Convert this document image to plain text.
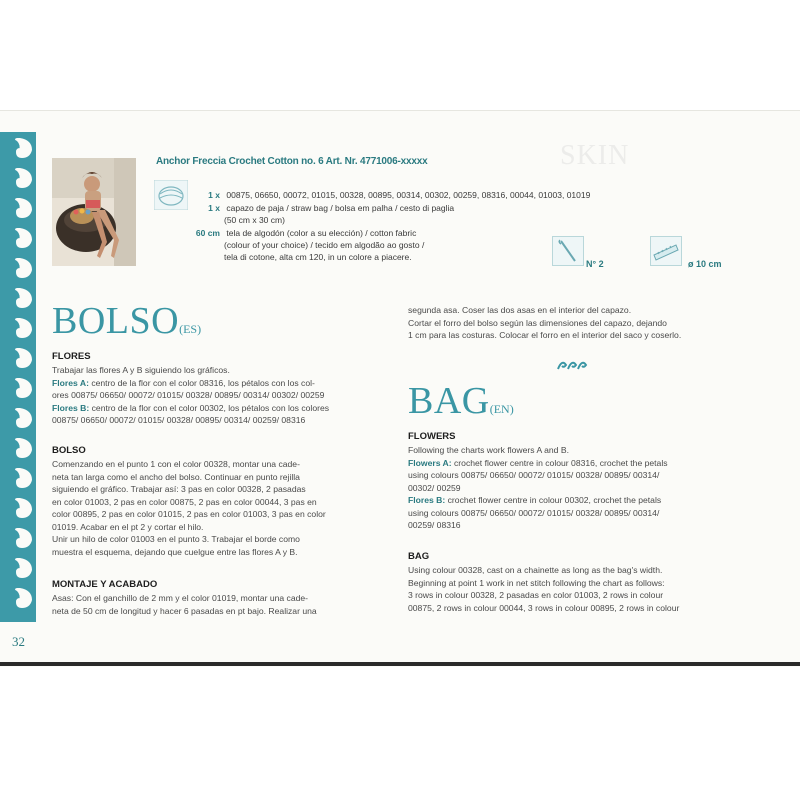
32
SKIN
Anchor Freccia Crochet Cotton no. 6 Art. Nr. 4771006-xxxxx
1 x 00875, 06650, 00072, 01015, 00328, 00895, 00314, 00302, 00259, 08316, 00044, 01003, 01019
1 x capazo de paja / straw bag / bolsa em palha / cesto di paglia
(50 cm x 30 cm)
60 cm tela de algodón (color a su elección) / cotton fabric
(colour of your choice) / tecido em algodão ao gosto /
tela di cotone, alta cm 120, in un colore a piacere.
N° 2	ø 10 cm
BOLSO(ES)
FLORES
Trabajar las flores A y B siguiendo los gráficos.
Flores A: centro de la flor con el color 08316, los pétalos con los col-
ores 00875/ 06650/ 00072/ 01015/ 00328/ 00895/ 00314/ 00302/ 00259
Flores B: centro de la flor con el color 00302, los pétalos con los colores
00875/ 06650/ 00072/ 01015/ 00328/ 00895/ 00314/ 00259/ 08316
BOLSO
Comenzando en el punto 1 con el color 00328, montar una cade-
neta tan larga como el ancho del bolso. Continuar en punto rejilla
siguiendo el gráfico. Trabajar así: 3 pas en color 00328, 2 pasadas
en color 01003, 2 pas en color 00875, 2 pas en color 00044, 3 pas en
color 00895, 2 pas en color 01015, 2 pas en color 01003, 3 pas en color
01019. Acabar en el pt 2 y cortar el hilo.
Unir un hilo de color 01003 en el punto 3. Trabajar el borde como
muestra el esquema, dejando que cuelgue entre las flores A y B.
MONTAJE Y ACABADO
Asas: Con el ganchillo de 2 mm y el color 01019, montar una cade-
neta de 50 cm de longitud y hacer 6 pasadas en pt bajo. Realizar una
segunda asa. Coser las dos asas en el interior del capazo.
Cortar el forro del bolso según las dimensiones del capazo, dejando
1 cm para las costuras. Colocar el forro en el interior del saco y coserlo.
BAG(EN)
FLOWERS
Following the charts work flowers A and B.
Flowers A: crochet flower centre in colour 08316, crochet the petals
using colours 00875/ 06650/ 00072/ 01015/ 00328/ 00895/ 00314/
00302/ 00259
Flores B: crochet flower centre in colour 00302, crochet the petals
using colours 00875/ 06650/ 00072/ 01015/ 00328/ 00895/ 00314/
00259/ 08316
BAG
Using colour 00328, cast on a chainette as long as the bag's width.
Beginning at point 1 work in net stitch following the chart as follows:
3 rows in colour 00328, 2 pasadas en color 01003, 2 rows in colour
00875, 2 rows in colour 00044, 3 rows in colour 00895, 2 rows in colour
